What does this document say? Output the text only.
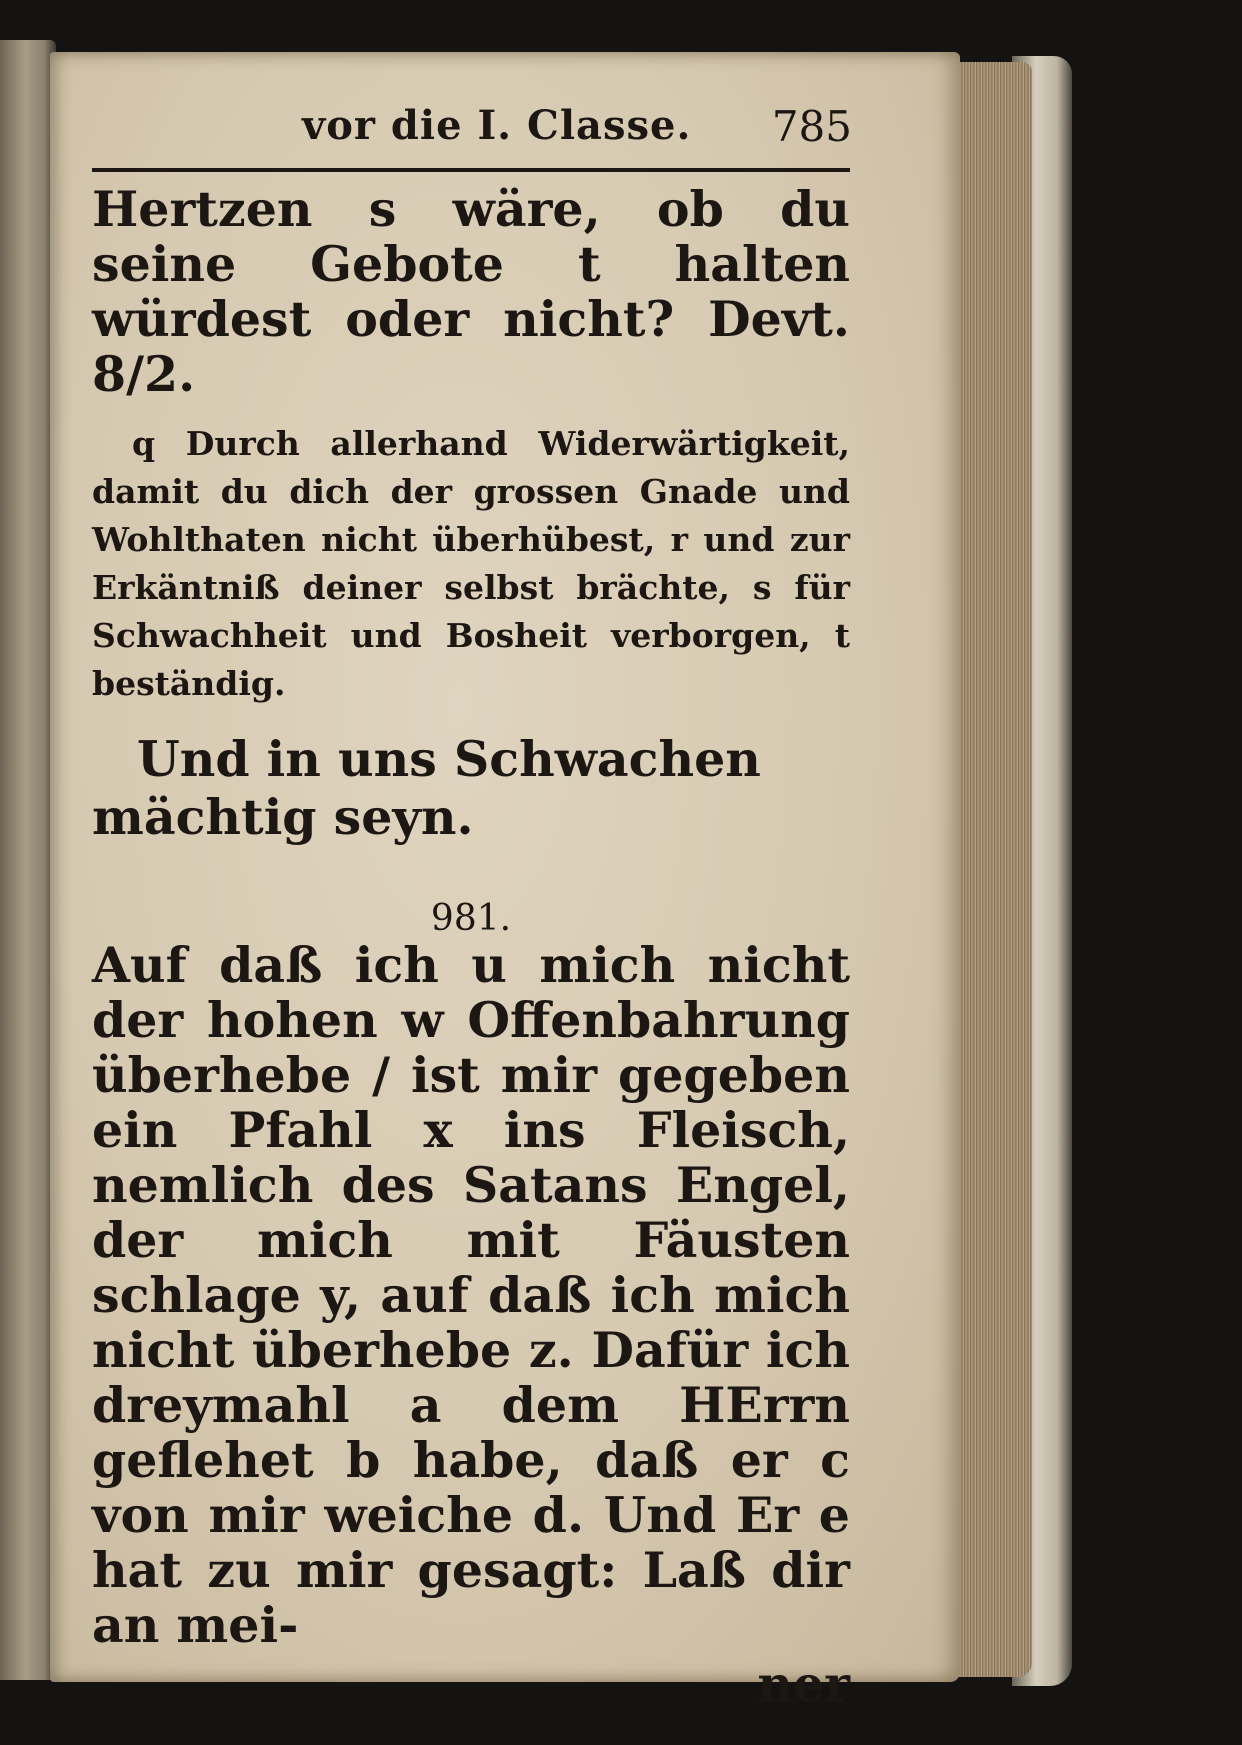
vor die I. Classe. 785
Hertzen s wäre, ob du seine Gebote t halten würdest oder nicht? Devt. 8/2.

q Durch allerhand Widerwärtigkeit, damit du dich der grossen Gnade und Wohlthaten nicht überhübest, r und zur Erkäntniß deiner selbst brächte, s für Schwachheit und Bosheit verborgen, t beständig.

Und in uns Schwachen mächtig seyn.

981.

Auf daß ich u mich nicht der hohen w Offenbahrung überhebe / ist mir gegeben ein Pfahl x ins Fleisch, nemlich des Satans Engel, der mich mit Fäusten schlage y, auf daß ich mich nicht überhebe z. Dafür ich dreymahl a dem HErrn geflehet b habe, daß er c von mir weiche d. Und Er e hat zu mir gesagt: Laß dir an mei-

ner
